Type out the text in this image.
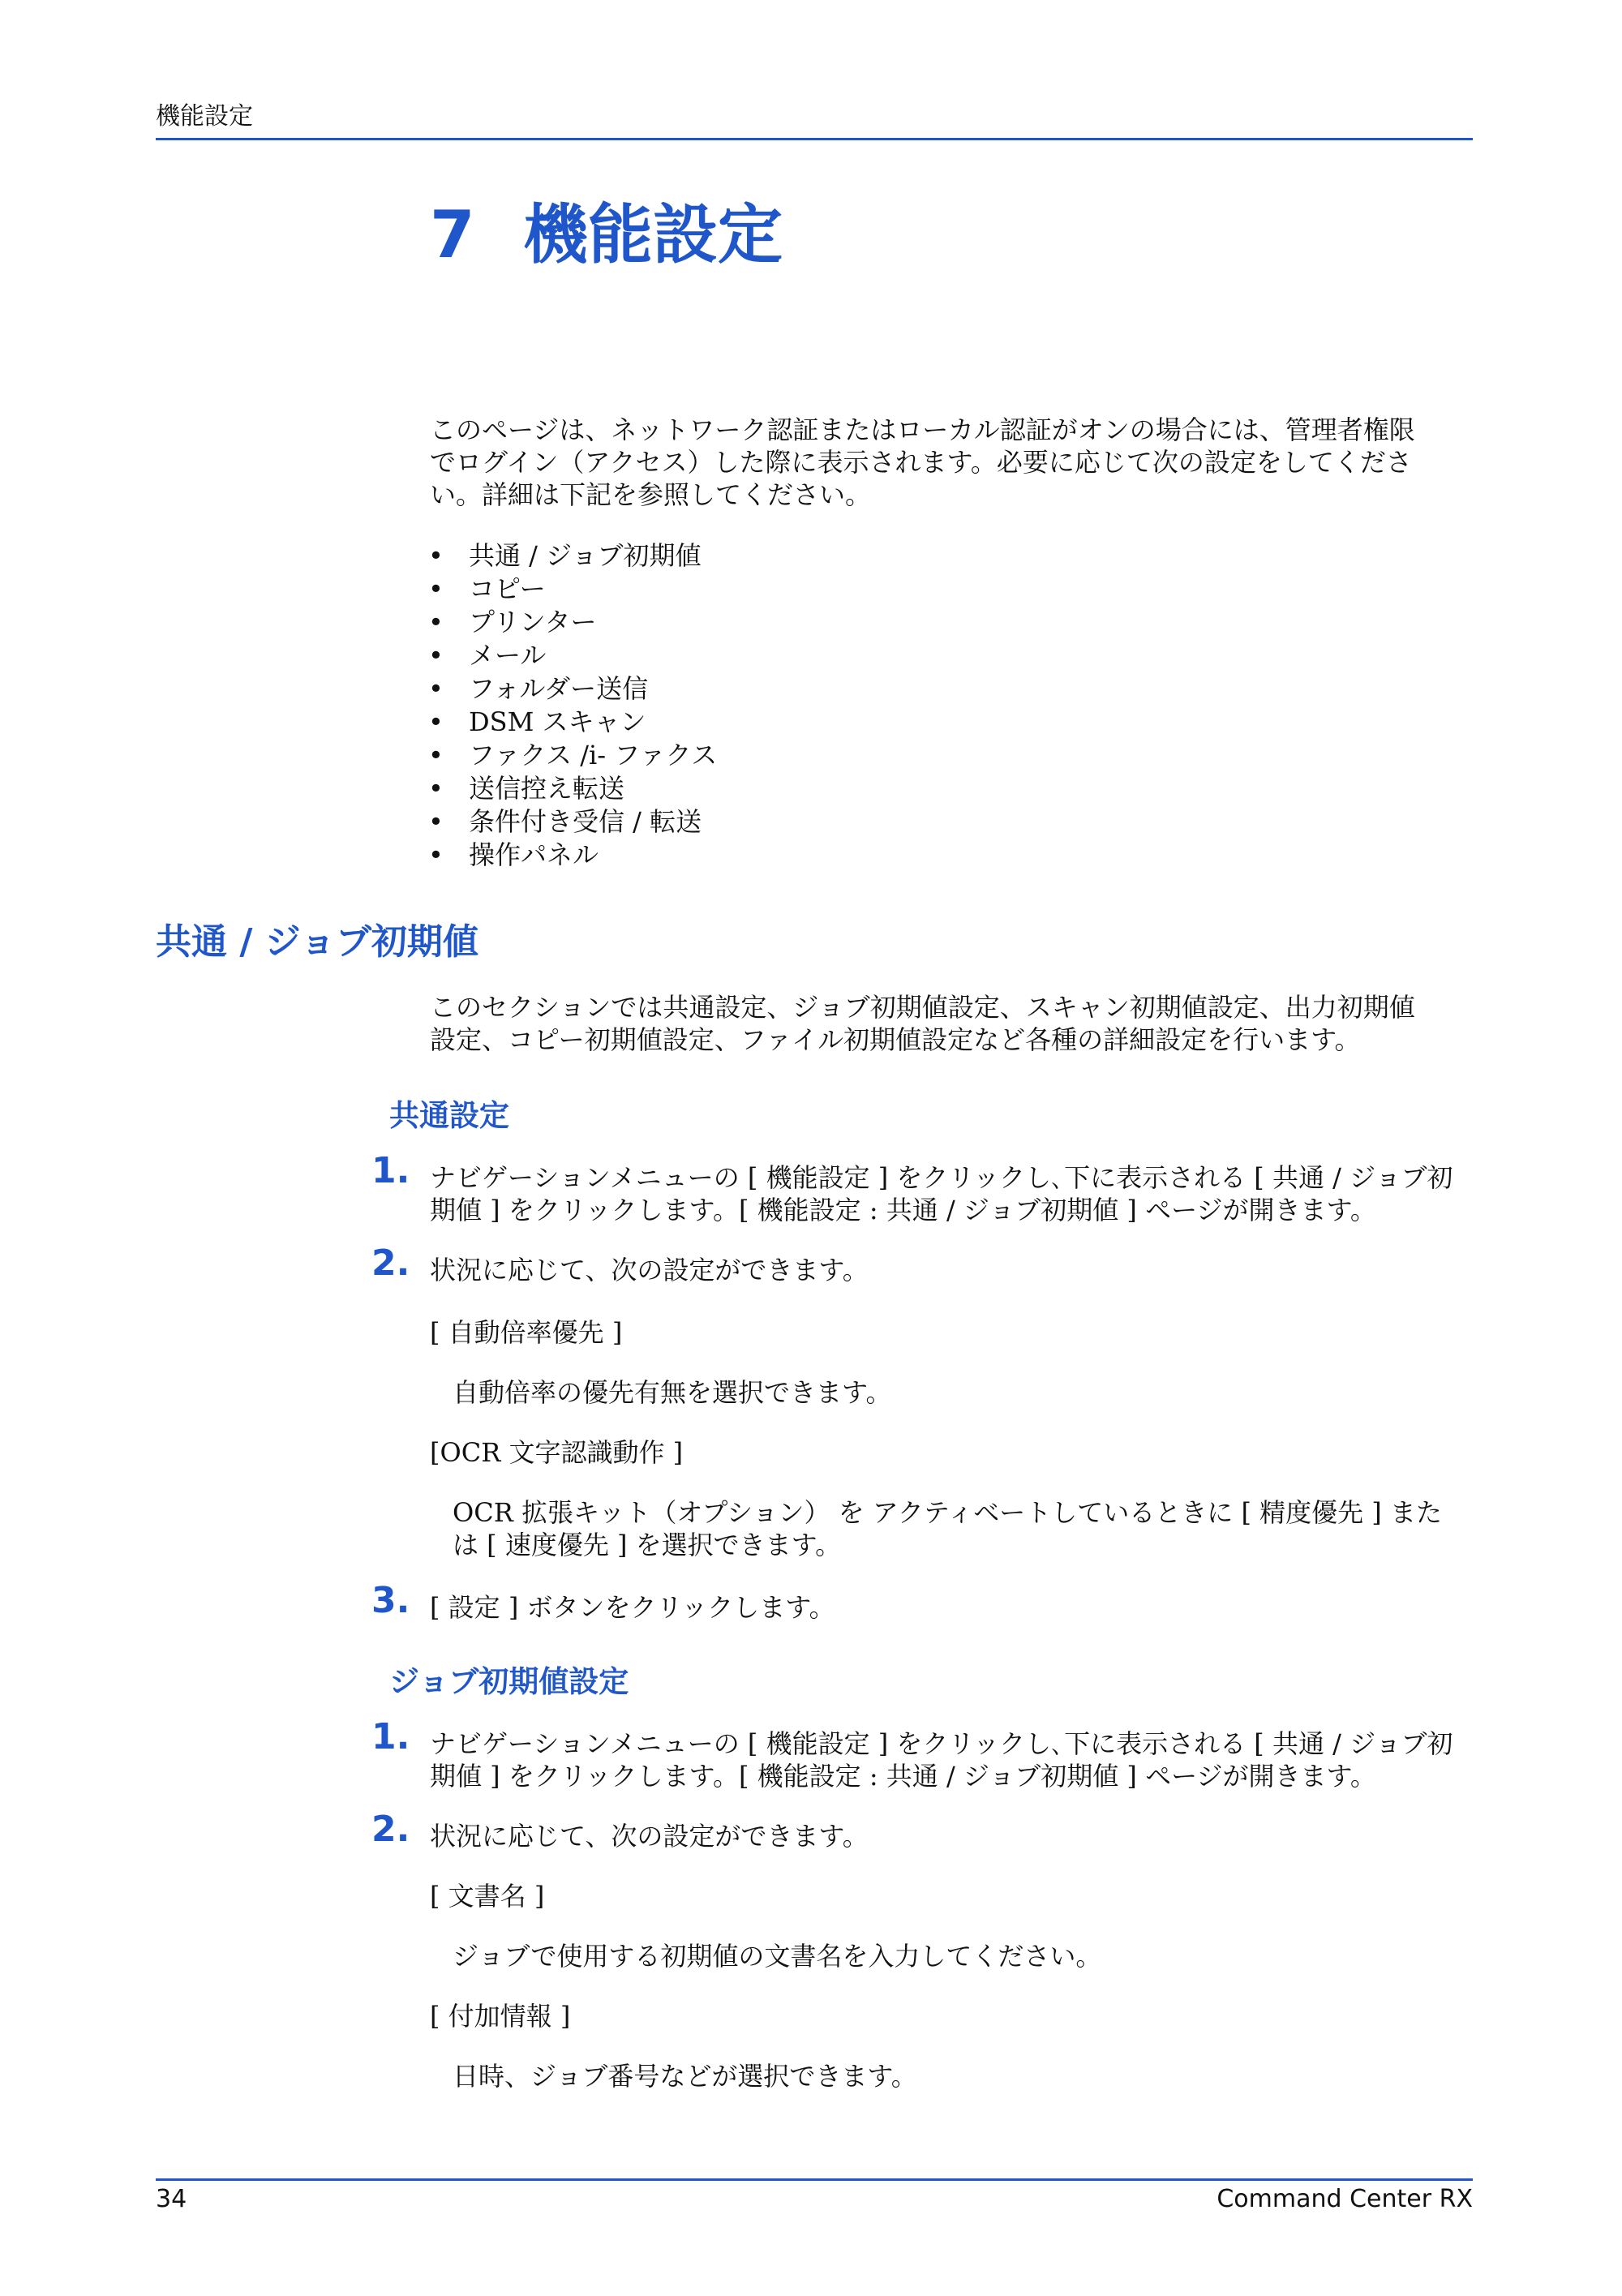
機能設定
7 機能設定
このページは、ネットワーク認証またはローカル認証がオンの場合には、管理者権限
でログイン（アクセス）した際に表示されます。必要に応じて次の設定をしてくださ
い。詳細は下記を参照してください。
• 共通 / ジョブ初期値
• コピー
• プリンター
• メール
• フォルダー送信
• DSM スキャン
• ファクス /i- ファクス
• 送信控え転送
• 条件付き受信 / 転送
• 操作パネル
共通 / ジョブ初期値
このセクションでは共通設定、ジョブ初期値設定、スキャン初期値設定、出力初期値
設定、コピー初期値設定、ファイル初期値設定など各種の詳細設定を行います。
共通設定
1. ナビゲーションメニューの [ 機能設定 ] をクリックし､下に表示される [ 共通 / ジョブ初
期値 ] をクリックします。[ 機能設定 : 共通 / ジョブ初期値 ] ページが開きます。
2. 状況に応じて、次の設定ができます。
[ 自動倍率優先 ]
自動倍率の優先有無を選択できます。
[OCR 文字認識動作 ]
OCR 拡張キット（オプション） を アクティベートしているときに [ 精度優先 ] また
は [ 速度優先 ] を選択できます。
3. [ 設定 ] ボタンをクリックします。
ジョブ初期値設定
1. ナビゲーションメニューの [ 機能設定 ] をクリックし､下に表示される [ 共通 / ジョブ初
期値 ] をクリックします。[ 機能設定 : 共通 / ジョブ初期値 ] ページが開きます。
2. 状況に応じて、次の設定ができます。
[ 文書名 ]
ジョブで使用する初期値の文書名を入力してください。
[ 付加情報 ]
日時、ジョブ番号などが選択できます。
34	Command Center RX
